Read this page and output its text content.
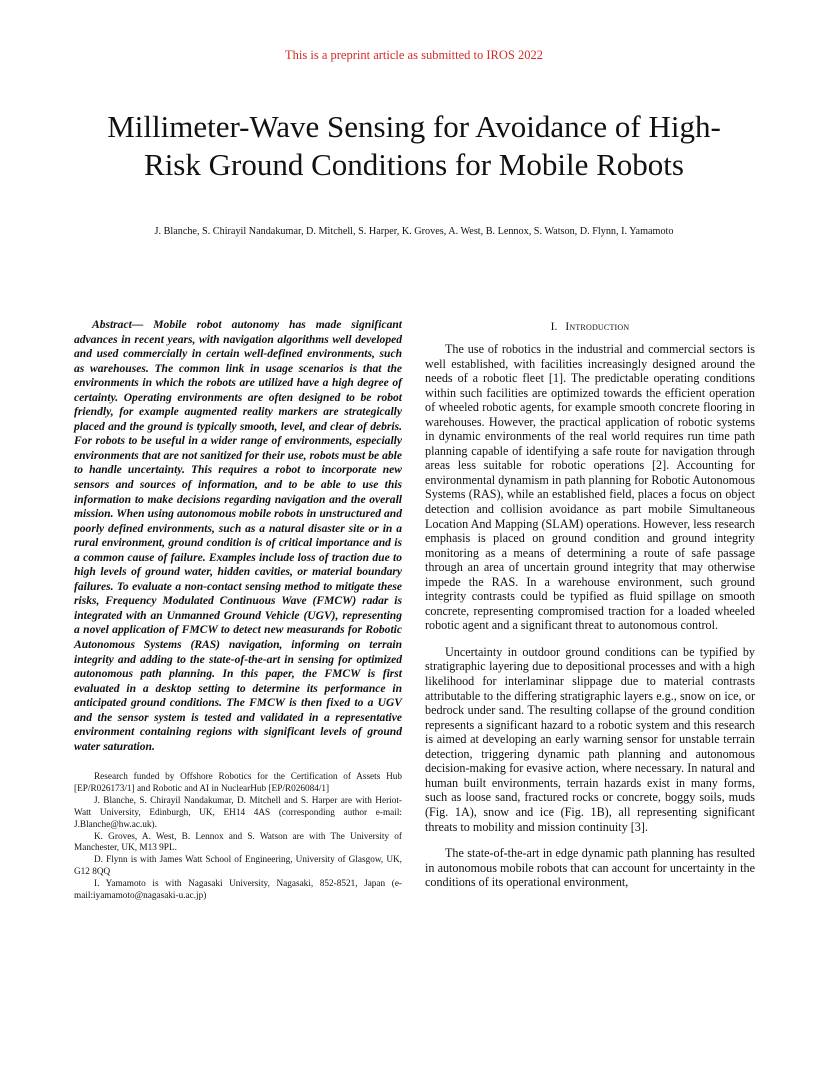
This is a preprint article as submitted to IROS 2022
Millimeter-Wave Sensing for Avoidance of High-
Risk Ground Conditions for Mobile Robots
J. Blanche, S. Chirayil Nandakumar, D. Mitchell, S. Harper, K. Groves, A. West, B. Lennox, S. Watson, D. Flynn, I. Yamamoto

Abstract— Mobile robot autonomy has made significant advances in recent years, with navigation algorithms well developed and used commercially in certain well-defined environments, such as warehouses. The common link in usage scenarios is that the environments in which the robots are utilized have a high degree of certainty. Operating environments are often designed to be robot friendly, for example augmented reality markers are strategically placed and the ground is typically smooth, level, and clear of debris. For robots to be useful in a wider range of environments, especially environments that are not sanitized for their use, robots must be able to handle uncertainty. This requires a robot to incorporate new sensors and sources of information, and to be able to use this information to make decisions regarding navigation and the overall mission. When using autonomous mobile robots in unstructured and poorly defined environments, such as a natural disaster site or in a rural environment, ground condition is of critical importance and is a common cause of failure. Examples include loss of traction due to high levels of ground water, hidden cavities, or material boundary failures. To evaluate a non-contact sensing method to mitigate these risks, Frequency Modulated Continuous Wave (FMCW) radar is integrated with an Unmanned Ground Vehicle (UGV), representing a novel application of FMCW to detect new measurands for Robotic Autonomous Systems (RAS) navigation, informing on terrain integrity and adding to the state-of-the-art in sensing for optimized autonomous path planning. In this paper, the FMCW is first evaluated in a desktop setting to determine its performance in anticipated ground conditions. The FMCW is then fixed to a UGV and the sensor system is tested and validated in a representative environment containing regions with significant levels of ground water saturation.

Research funded by Offshore Robotics for the Certification of Assets Hub [EP/R026173/1] and Robotic and AI in NuclearHub [EP/R026084/1]

J. Blanche, S. Chirayil Nandakumar, D. Mitchell and S. Harper are with Heriot-Watt University, Edinburgh, UK, EH14 4AS (corresponding author e-mail: J.Blanche@hw.ac.uk).

K. Groves, A. West, B. Lennox and S. Watson are with The University of Manchester, UK, M13 9PL.

D. Flynn is with James Watt School of Engineering, University of Glasgow, UK, G12 8QQ

I. Yamamoto is with Nagasaki University, Nagasaki, 852-8521, Japan (e-mail:iyamamoto@nagasaki-u.ac.jp)

I. Introduction

The use of robotics in the industrial and commercial sectors is well established, with facilities increasingly designed around the needs of a robotic fleet [1]. The predictable operating conditions within such facilities are optimized towards the efficient operation of wheeled robotic agents, for example smooth concrete flooring in warehouses. However, the practical application of robotic systems in dynamic environments of the real world requires run time path planning capable of identifying a safe route for navigation through areas less suitable for robotic operations [2]. Accounting for environmental dynamism in path planning for Robotic Autonomous Systems (RAS), while an established field, places a focus on object detection and collision avoidance as part mobile Simultaneous Location And Mapping (SLAM) operations. However, less research emphasis is placed on ground condition and ground integrity monitoring as a means of determining a route of safe passage through an area of uncertain ground integrity that may otherwise impede the RAS. In a warehouse environment, such ground integrity contrasts could be typified as fluid spillage on smooth concrete, representing compromised traction for a loaded wheeled robotic agent and a significant threat to autonomous control.

Uncertainty in outdoor ground conditions can be typified by stratigraphic layering due to depositional processes and with a high likelihood for interlaminar slippage due to material contrasts attributable to the differing stratigraphic layers e.g., snow on ice, or bedrock under sand. The resulting collapse of the ground condition represents a significant hazard to a robotic system and this research is aimed at developing an early warning sensor for unstable terrain detection, triggering dynamic path planning and autonomous decision-making for evasive action, where necessary. In natural and human built environments, terrain hazards exist in many forms, such as loose sand, fractured rocks or concrete, boggy soils, muds (Fig. 1A), snow and ice (Fig. 1B), all representing significant threats to mobility and mission continuity [3].

The state-of-the-art in edge dynamic path planning has resulted in autonomous mobile robots that can account for uncertainty in the conditions of its operational environment,
